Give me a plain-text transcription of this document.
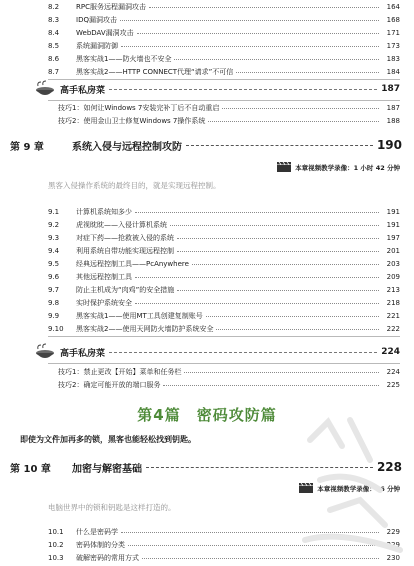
8.2	RPC服务远程漏洞攻击	164
8.3	IDQ漏洞攻击	168
8.4	WebDAV漏洞攻击	171
8.5	系统漏洞防御	173
8.6	黑客实战1——防火墙也不安全	183
8.7	黑客实战2——HTTP CONNECT代理“请求”不可信	184
高手私房菜	187
技巧1：如何让Windows 7安装完补丁后不自动重启	187
技巧2：使用金山卫士修复Windows 7操作系统	188
第 9 章	系统入侵与远程控制攻防	190
本章视频教学录像：1 小时 42 分钟
黑客入侵操作系统的最终目的，就是实现远程控制。
9.1	计算机系统知多少	191
9.2	虎视眈眈——入侵计算机系统	191
9.3	对症下药——抢救被入侵的系统	197
9.4	利用系统自带功能实现远程控制	201
9.5	经典远程控制工具——PcAnywhere	203
9.6	其他远程控制工具	209
9.7	防止主机成为“肉鸡”的安全措施	213
9.8	实时保护系统安全	218
9.9	黑客实战1——使用MT工具创建复制账号	221
9.10	黑客实战2——使用天网防火墙防护系统安全	222
高手私房菜	224
技巧1：禁止更改【开始】菜单和任务栏	224
技巧2：确定可能开放的端口服务	225
第4篇　密码攻防篇
即使为文件加再多的锁，黑客也能轻松找到钥匙。
第 10 章	加密与解密基础	228
本章视频教学录像：16 分钟
电脑世界中的锁和钥匙是这样打造的。
10.1	什么是密码学	229
10.2	密码体制的分类	229
10.3	破解密码的常用方式	230
